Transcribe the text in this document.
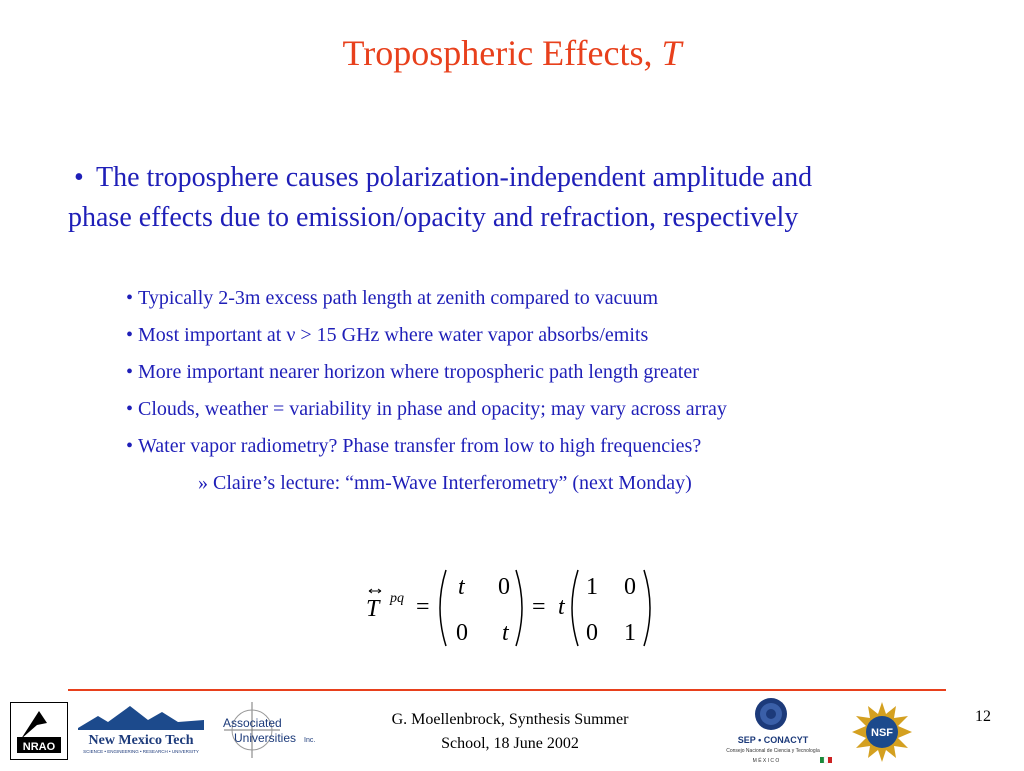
Tropospheric Effects, T
• The troposphere causes polarization-independent amplitude and
phase effects due to emission/opacity and refraction, respectively
• Typically 2-3m excess path length at zenith compared to vacuum
• Most important at ν > 15 GHz where water vapor absorbs/emits
• More important nearer horizon where tropospheric path length greater
• Clouds, weather = variability in phase and opacity; may vary across array
• Water vapor radiometry? Phase transfer from low to high frequencies?
» Claire’s lecture: “mm-Wave Interferometry” (next Monday)
T pq =
t 0
0 t
= t
1 0
0 1
NRAO New Mexico Tech
SCIENCE • ENGINEERING • RESEARCH • UNIVERSITY
Associated
Universities Inc.
G. Moellenbrock, Synthesis Summer
School, 18 June 2002	SEP • CONACYT
Consejo Nacional de Ciencia y Tecnología
M É X I C O
NSF
12
